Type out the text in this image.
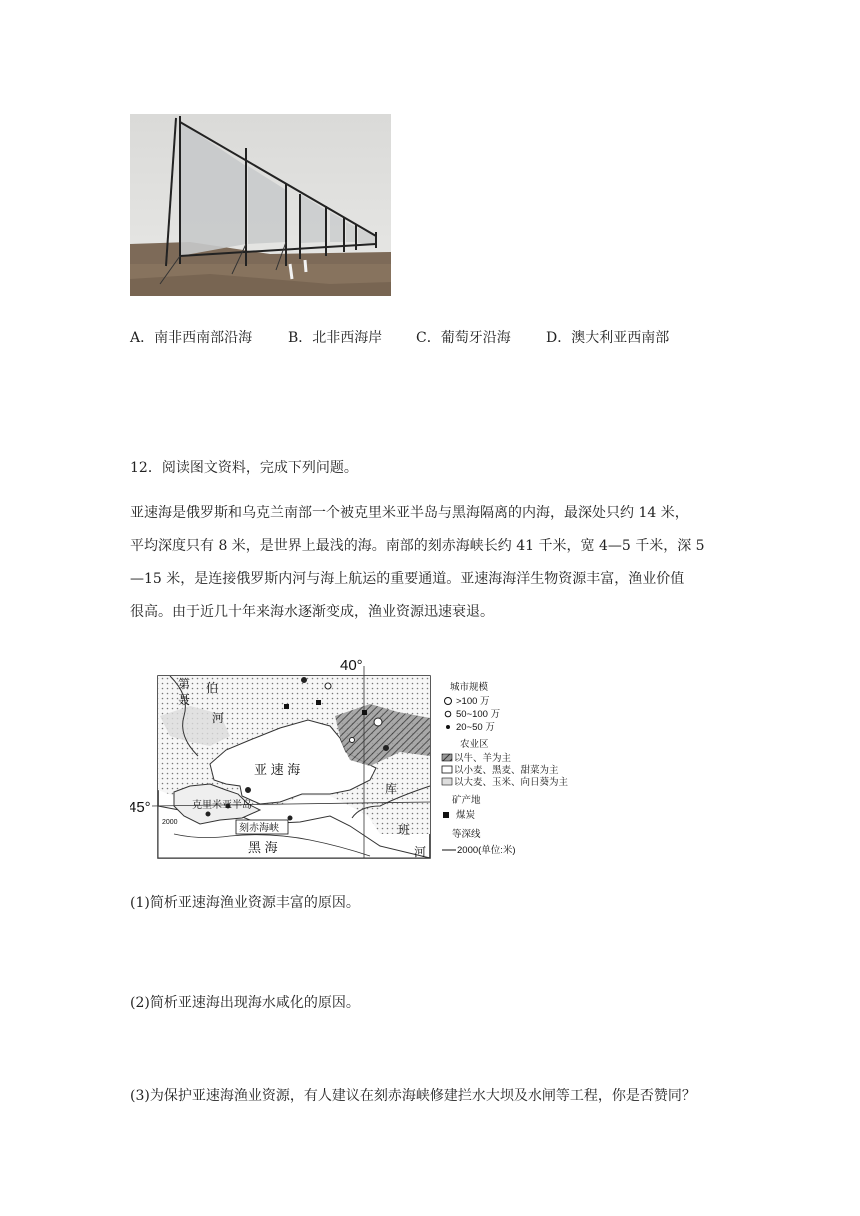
A．南非西南部沿海	B．北非西海岸 C．葡萄牙沿海	D．澳大利亚西南部
12．阅读图文资料，完成下列问题。
亚速海是俄罗斯和乌克兰南部一个被克里米亚半岛与黑海隔离的内海，最深处只约 14 米，
平均深度只有 8 米，是世界上最浅的海。南部的刻赤海峡长约 41 千米，宽 4—5 千米，深 5
—15 米，是连接俄罗斯内河与海上航运的重要通道。亚速海海洋生物资源丰富，渔业价值
很高。由于近几十年来海水逐渐变成，渔业资源迅速衰退。
40°
45°
第
聂
伯
河
亚 速 海
克里米亚半岛
刻赤海峡
黑 海
库
班
河
2000
城市规模
>100 万
50~100 万
20~50 万
农业区
以牛、羊为主
以小麦、黑麦、甜菜为主
以大麦、玉米、向日葵为主
矿产地
煤炭
等深线
2000(单位:米)
(1)简析亚速海渔业资源丰富的原因。
(2)简析亚速海出现海水咸化的原因。
(3)为保护亚速海渔业资源，有人建议在刻赤海峡修建拦水大坝及水闸等工程，你是否赞同？
